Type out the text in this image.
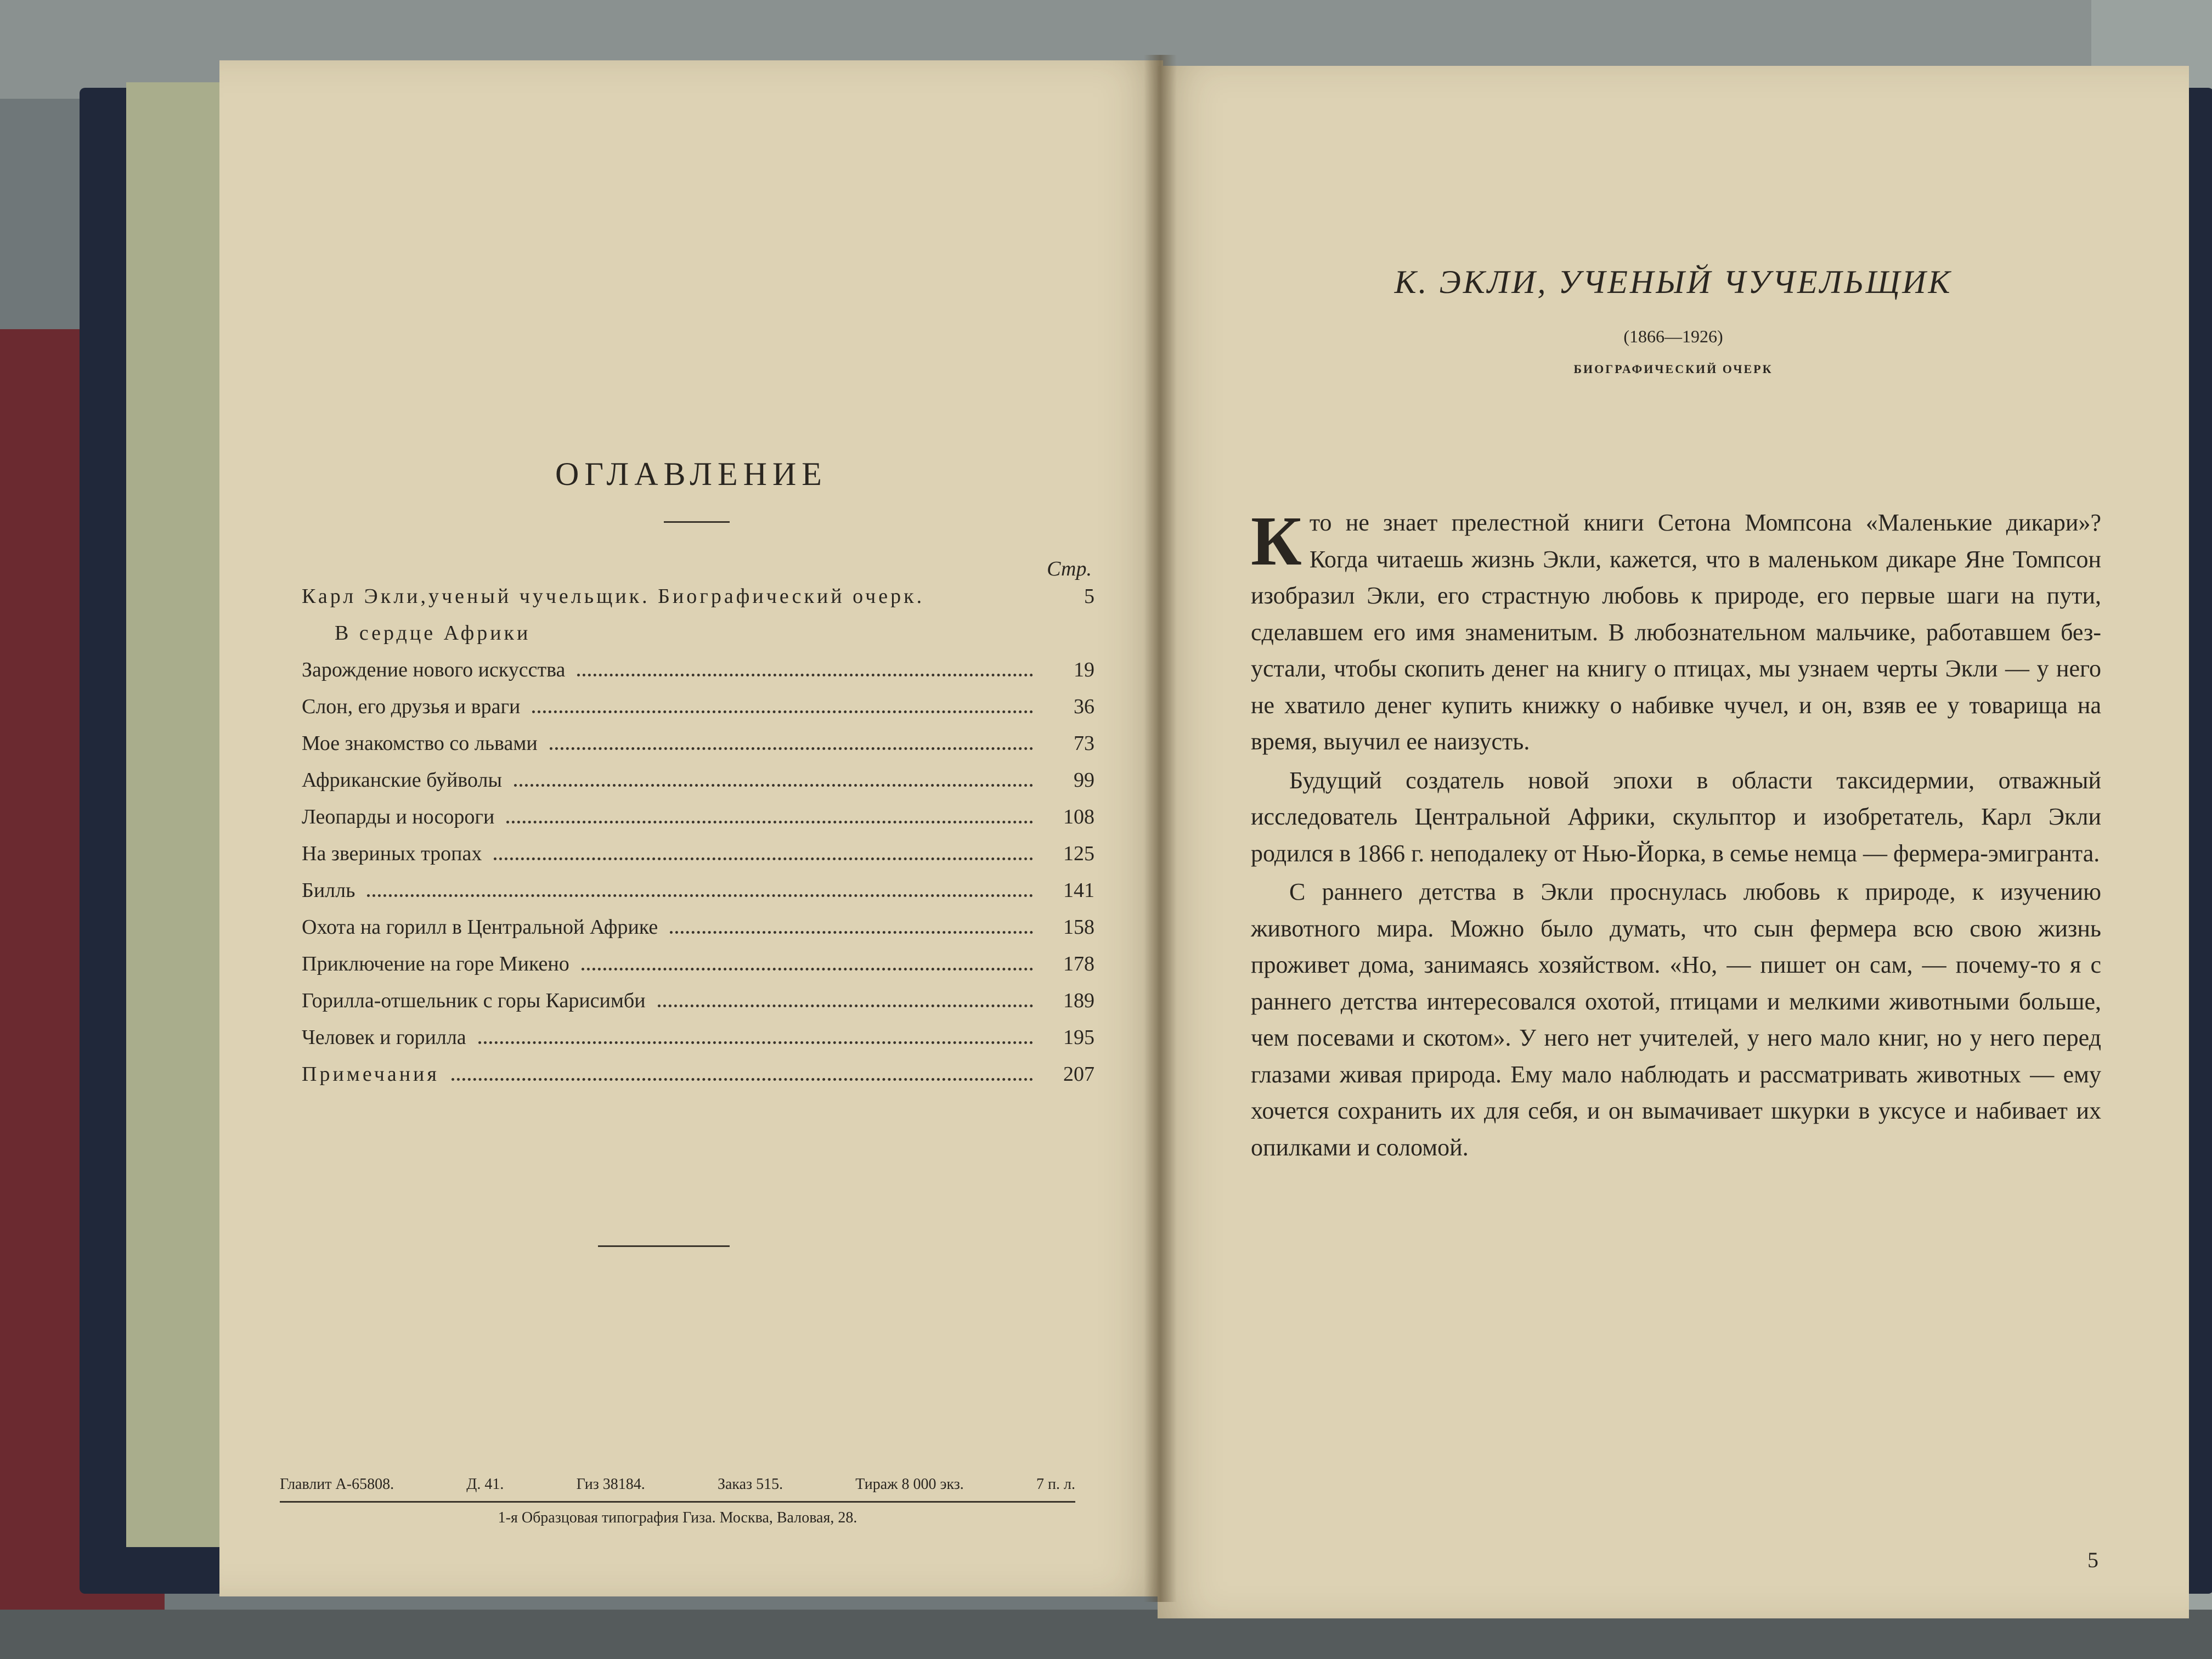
ОГЛАВЛЕНИЕ
Стр.
Карл Экли,ученый чучельщик. Биографический очерк.	5
В сердце Африки
Зарождение нового искусства	19
Слон, его друзья и враги	36
Мое знакомство со львами	73
Африканские буйволы	99
Леопарды и носороги	108
На звериных тропах	125
Билль	141
Охота на горилл в Центральной Африке	158
Приключение на горе Микено	178
Горилла-отшельник с горы Карисимби	189
Человек и горилла	195
Примечания	207
Главлит А-65808.	Д. 41.	Гиз 38184.	Заказ 515.	Тираж 8 000 экз.	7 п. л.
1-я Образцовая типография Гиза. Москва, Валовая, 28.
К. ЭКЛИ, УЧЕНЫЙ ЧУЧЕЛЬЩИК
(1866—1926)
БИОГРАФИЧЕСКИЙ ОЧЕРК

Кто не знает прелестной книги Сетона Момпсона «Маленькие дикари»? Когда читаешь жизнь Экли, кажется, что в маленьком дикаре Яне Томпсон изобразил Экли, его страстную любовь к природе, его первые шаги на пути, сделавшем его имя знаменитым. В любознательном мальчике, работавшем без-устали, чтобы скопить денег на книгу о птицах, мы узнаем черты Экли — у него не хватило денег купить книжку о набивке чучел, и он, взяв ее у товарища на время, выучил ее наизусть.

Будущий создатель новой эпохи в области таксидермии, отважный исследователь Центральной Африки, скульптор и изобретатель, Карл Экли родился в 1866 г. неподалеку от Нью-Йорка, в семье немца — фермера-эмигранта.

С раннего детства в Экли проснулась любовь к природе, к изучению животного мира. Можно было думать, что сын фермера всю свою жизнь проживет дома, занимаясь хозяйством. «Но, — пишет он сам, — почему-то я с раннего детства интересовался охотой, птицами и мелкими животными больше, чем посевами и скотом». У него нет учителей, у него мало книг, но у него перед глазами живая природа. Ему мало наблюдать и рассматривать животных — ему хочется сохранить их для себя, и он вымачивает шкурки в уксусе и набивает их опилками и соломой.

5
